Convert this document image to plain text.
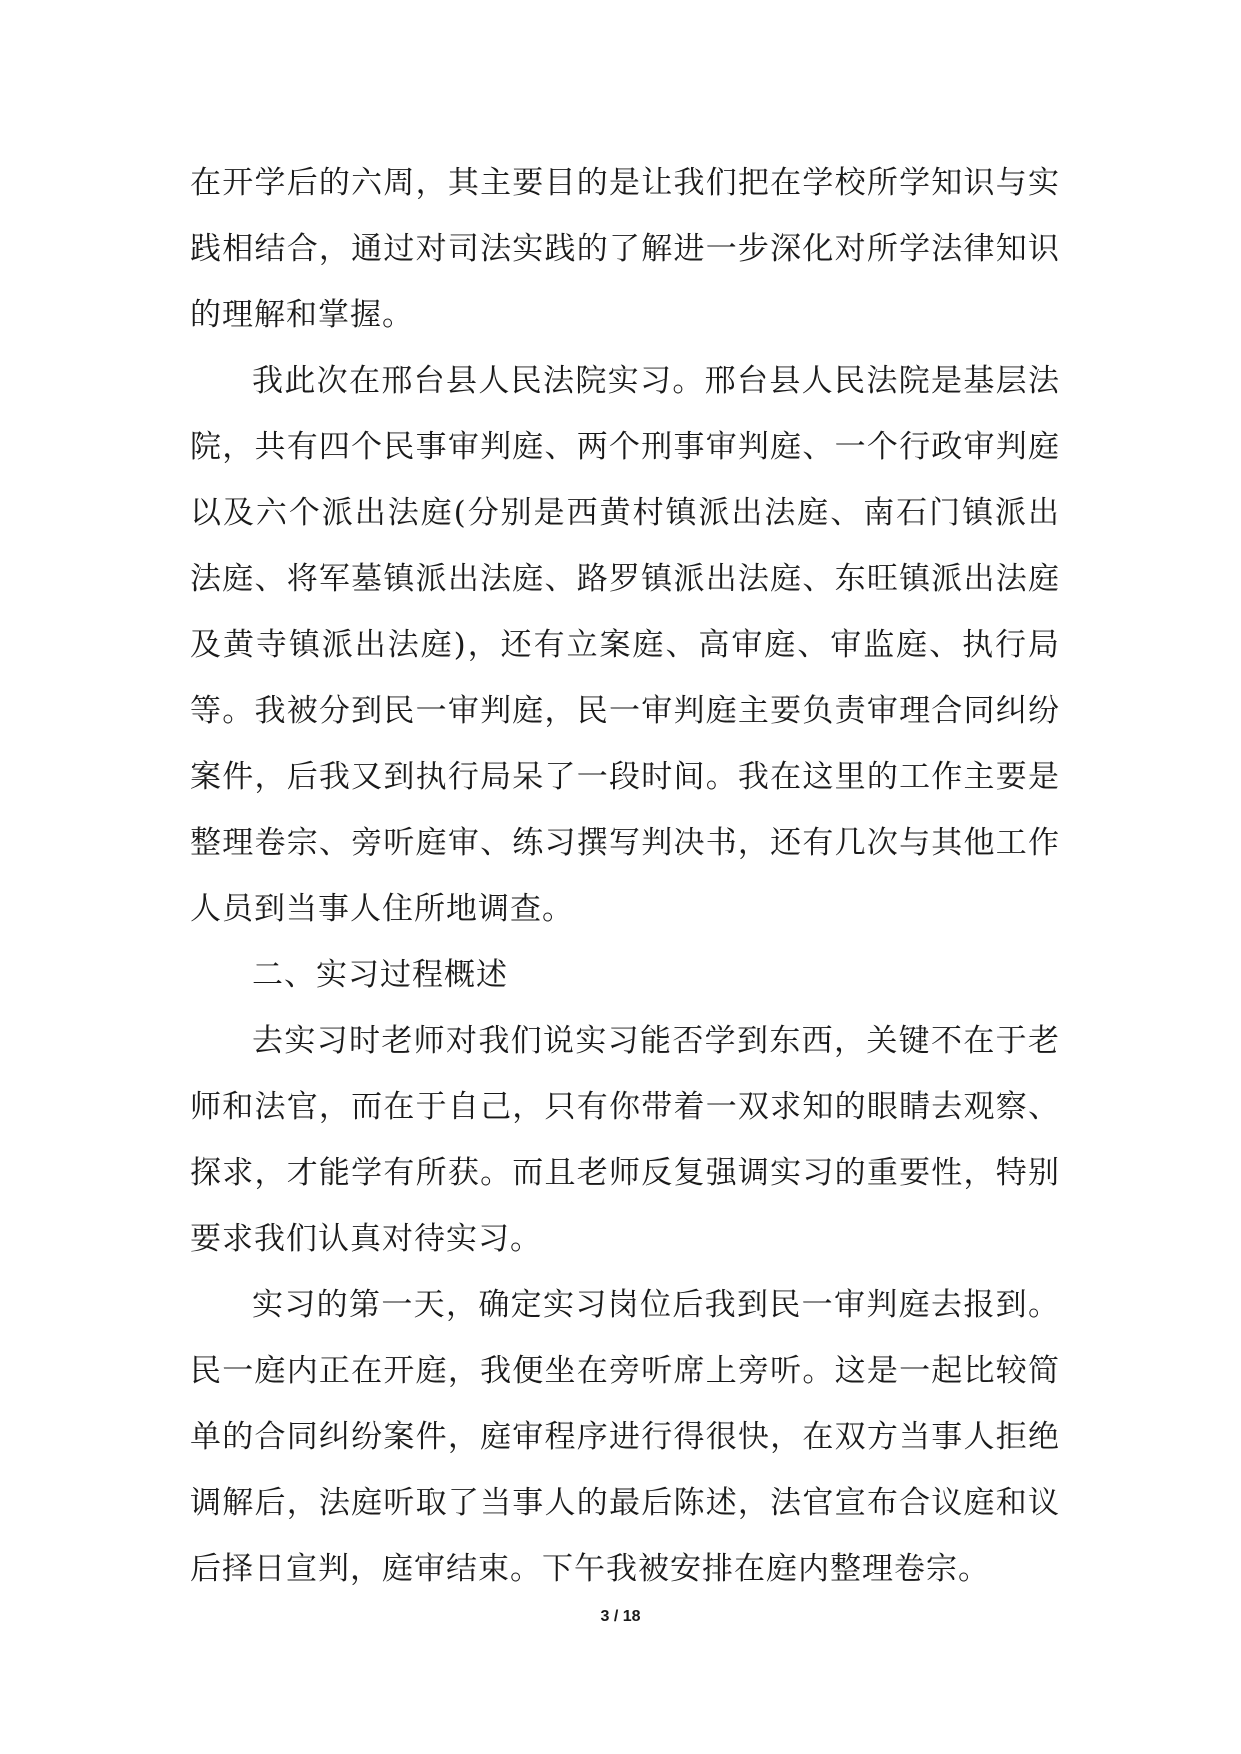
在开学后的六周，其主要目的是让我们把在学校所学知识与实践相结合，通过对司法实践的了解进一步深化对所学法律知识的理解和掌握。

我此次在邢台县人民法院实习。邢台县人民法院是基层法院，共有四个民事审判庭、两个刑事审判庭、一个行政审判庭以及六个派出法庭(分别是西黄村镇派出法庭、南石门镇派出法庭、将军墓镇派出法庭、路罗镇派出法庭、东旺镇派出法庭及黄寺镇派出法庭)，还有立案庭、高审庭、审监庭、执行局等。我被分到民一审判庭，民一审判庭主要负责审理合同纠纷案件，后我又到执行局呆了一段时间。我在这里的工作主要是整理卷宗、旁听庭审、练习撰写判决书，还有几次与其他工作人员到当事人住所地调查。

二、实习过程概述

去实习时老师对我们说实习能否学到东西，关键不在于老师和法官，而在于自己，只有你带着一双求知的眼睛去观察、探求，才能学有所获。而且老师反复强调实习的重要性，特别要求我们认真对待实习。

实习的第一天，确定实习岗位后我到民一审判庭去报到。民一庭内正在开庭，我便坐在旁听席上旁听。这是一起比较简单的合同纠纷案件，庭审程序进行得很快，在双方当事人拒绝调解后，法庭听取了当事人的最后陈述，法官宣布合议庭和议后择日宣判，庭审结束。下午我被安排在庭内整理卷宗。

3 / 18
